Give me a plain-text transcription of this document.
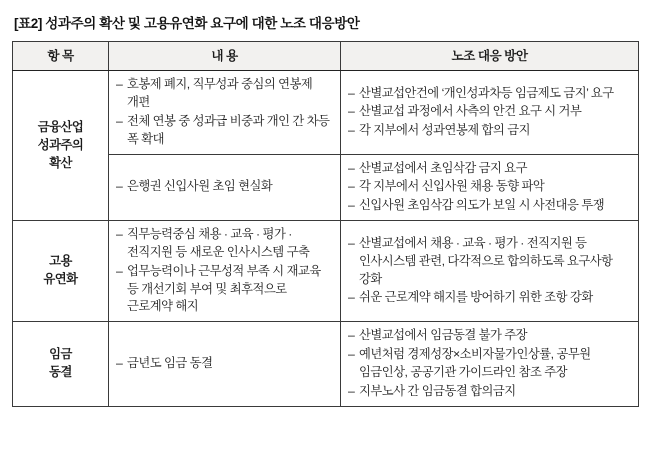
[표2] 성과주의 확산 및 고용유연화 요구에 대한 노조 대응방안
항 목	내 용	노조 대응 방안

금융산업
성과주의
확산

– 호봉제 폐지, 직무성과 중심의 연봉제 개편
– 전체 연봉 중 성과급 비중과 개인 간 차등 폭 확대

– 산별교섭안건에 ‘개인성과차등 임금제도 금지’ 요구
– 산별교섭 과정에서 사측의 안건 요구 시 거부
– 각 지부에서 성과연봉제 합의 금지

– 은행권 신입사원 초임 현실화

– 산별교섭에서 초임삭감 금지 요구
– 각 지부에서 신입사원 채용 동향 파악
– 신입사원 초임삭감 의도가 보일 시 사전대응 투쟁

고용
유연화

– 직무능력중심 채용 · 교육 · 평가 · 전직지원 등 새로운 인사시스템 구축
– 업무능력이나 근무성적 부족 시 재교육 등 개선기회 부여 및 최후적으로 근로계약 해지

– 산별교섭에서 채용 · 교육 · 평가 · 전직지원 등 인사시스템 관련, 다각적으로 합의하도록 요구사항 강화
– 쉬운 근로계약 해지를 방어하기 위한 조항 강화

임금
동결

– 금년도 임금 동결

– 산별교섭에서 임금동결 불가 주장
– 예년처럼 경제성장×소비자물가인상률, 공무원 임금인상, 공공기관 가이드라인 참조 주장
– 지부노사 간 임금동결 합의금지
